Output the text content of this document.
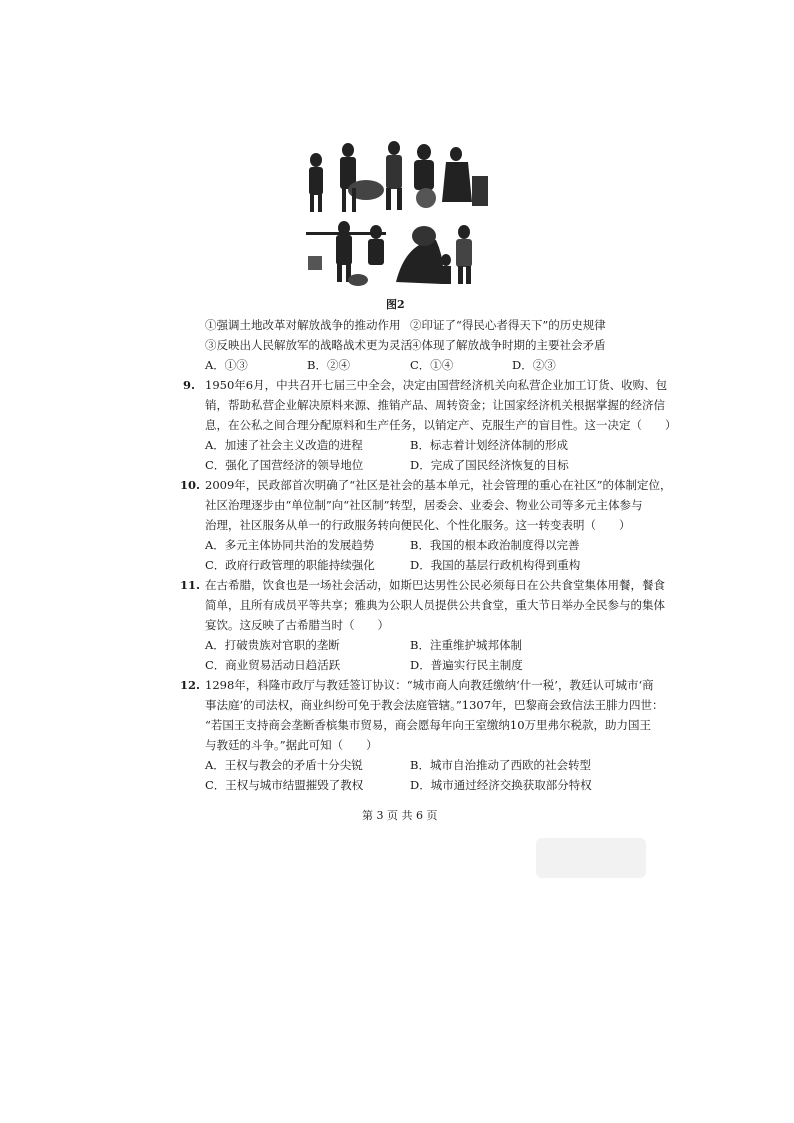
图2
①强调土地改革对解放战争的推动作用 ②印证了“得民心者得天下”的历史规律
③反映出人民解放军的战略战术更为灵活
④体现了解放战争时期的主要社会矛盾
A．①③	B．②④	C．①④	D．②③
9. 1950年6月，中共召开七届三中全会，决定由国营经济机关向私营企业加工订货、收购、包
销，帮助私营企业解决原料来源、推销产品、周转资金；让国家经济机关根据掌握的经济信
息，在公私之间合理分配原料和生产任务，以销定产、克服生产的盲目性。这一决定（　　）
A．加速了社会主义改造的进程	B．标志着计划经济体制的形成
C．强化了国营经济的领导地位	D．完成了国民经济恢复的目标
10. 2009年，民政部首次明确了“社区是社会的基本单元，社会管理的重心在社区”的体制定位，
社区治理逐步由“单位制”向“社区制”转型，居委会、业委会、物业公司等多元主体参与
治理，社区服务从单一的行政服务转向便民化、个性化服务。这一转变表明（　　）
A．多元主体协同共治的发展趋势	B．我国的根本政治制度得以完善
C．政府行政管理的职能持续强化	D．我国的基层行政机构得到重构
11. 在古希腊，饮食也是一场社会活动，如斯巴达男性公民必须每日在公共食堂集体用餐，餐食
简单，且所有成员平等共享；雅典为公职人员提供公共食堂，重大节日举办全民参与的集体
宴饮。这反映了古希腊当时（　　）
A．打破贵族对官职的垄断	B．注重维护城邦体制
C．商业贸易活动日趋活跃	D．普遍实行民主制度
12. 1298年，科隆市政厅与教廷签订协议：“城市商人向教廷缴纳‘什一税’，教廷认可城市‘商
事法庭’的司法权，商业纠纷可免于教会法庭管辖。”1307年，巴黎商会致信法王腓力四世：
“若国王支持商会垄断香槟集市贸易，商会愿每年向王室缴纳10万里弗尔税款，助力国王
与教廷的斗争。”据此可知（　　）
A．王权与教会的矛盾十分尖锐	B．城市自治推动了西欧的社会转型
C．王权与城市结盟摧毁了教权	D．城市通过经济交换获取部分特权
第 3 页 共 6 页
